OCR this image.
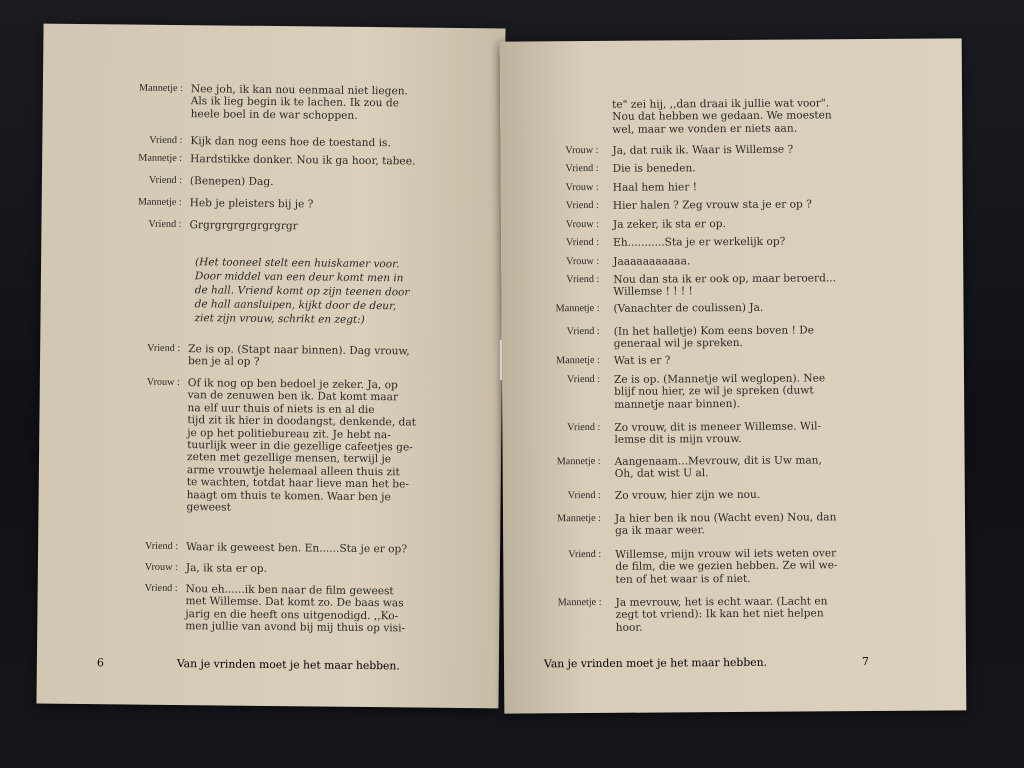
Mannetje : Nee joh, ik kan nou eenmaal niet liegen.
Als ik lieg begin ik te lachen. Ik zou de
heele boel in de war schoppen.
Vriend : Kijk dan nog eens hoe de toestand is.
Mannetje : Hardstikke donker. Nou ik ga hoor, tabee.
Vriend : (Benepen) Dag.
Mannetje : Heb je pleisters bij je ?
Vriend : Grgrgrgrgrgrgrgrgr
Vriend : Ze is op. (Stapt naar binnen). Dag vrouw,
ben je al op ?
Vrouw : Of ik nog op ben bedoel je zeker. Ja, op
van de zenuwen ben ik. Dat komt maar
na elf uur thuis of niets is en al die
tijd zit ik hier in doodangst, denkende, dat
je op het politiebureau zit. Je hebt na-
tuurlijk weer in die gezellige cafeetjes ge-
zeten met gezellige mensen, terwijl je
arme vrouwtje helemaal alleen thuis zit
te wachten, totdat haar lieve man het be-
haagt om thuis te komen. Waar ben je
geweest
Vriend : Waar ik geweest ben. En......Sta je er op?
Vrouw : Ja, ik sta er op.
Vriend : Nou eh......ik ben naar de film geweest
met Willemse. Dat komt zo. De baas was
jarig en die heeft ons uitgenodigd. ,,Ko-
men jullie van avond bij mij thuis op visi-
(Het tooneel stelt een huiskamer voor.
Door middel van een deur komt men in
de hall. Vriend komt op zijn teenen door
de hall aansluipen, kijkt door de deur,
ziet zijn vrouw, schrikt en zegt:)
6	Van je vrinden moet je het maar hebben.
te" zei hij, ,,dan draai ik jullie wat voor".
Nou dat hebben we gedaan. We moesten
wel, maar we vonden er niets aan.
Vrouw : Ja, dat ruik ik. Waar is Willemse ?
Vriend : Die is beneden.
Vrouw : Haal hem hier !
Vriend : Hier halen ? Zeg vrouw sta je er op ?
Vrouw : Ja zeker, ik sta er op.
Vriend : Eh...........Sta je er werkelijk op?
Vrouw : Jaaaaaaaaaaa.
Vriend : Nou dan sta ik er ook op, maar beroerd...
Willemse ! ! ! !
Mannetje : (Vanachter de coulissen) Ja.
Vriend : (In het halletje) Kom eens boven ! De
generaal wil je spreken.
Mannetje : Wat is er ?
Vriend : Ze is op. (Mannetje wil weglopen). Nee
blijf nou hier, ze wil je spreken (duwt
mannetje naar binnen).
Vriend : Zo vrouw, dit is meneer Willemse. Wil-
lemse dit is mijn vrouw.
Mannetje : Aangenaam...Mevrouw, dit is Uw man,
Oh, dat wist U al.
Vriend : Zo vrouw, hier zijn we nou.
Mannetje : Ja hier ben ik nou (Wacht even) Nou, dan
ga ik maar weer.
Vriend : Willemse, mijn vrouw wil iets weten over
de film, die we gezien hebben. Ze wil we-
ten of het waar is of niet.
Mannetje : Ja mevrouw, het is echt waar. (Lacht en
zegt tot vriend): Ik kan het niet helpen
hoor.
Van je vrinden moet je het maar hebben.	7
